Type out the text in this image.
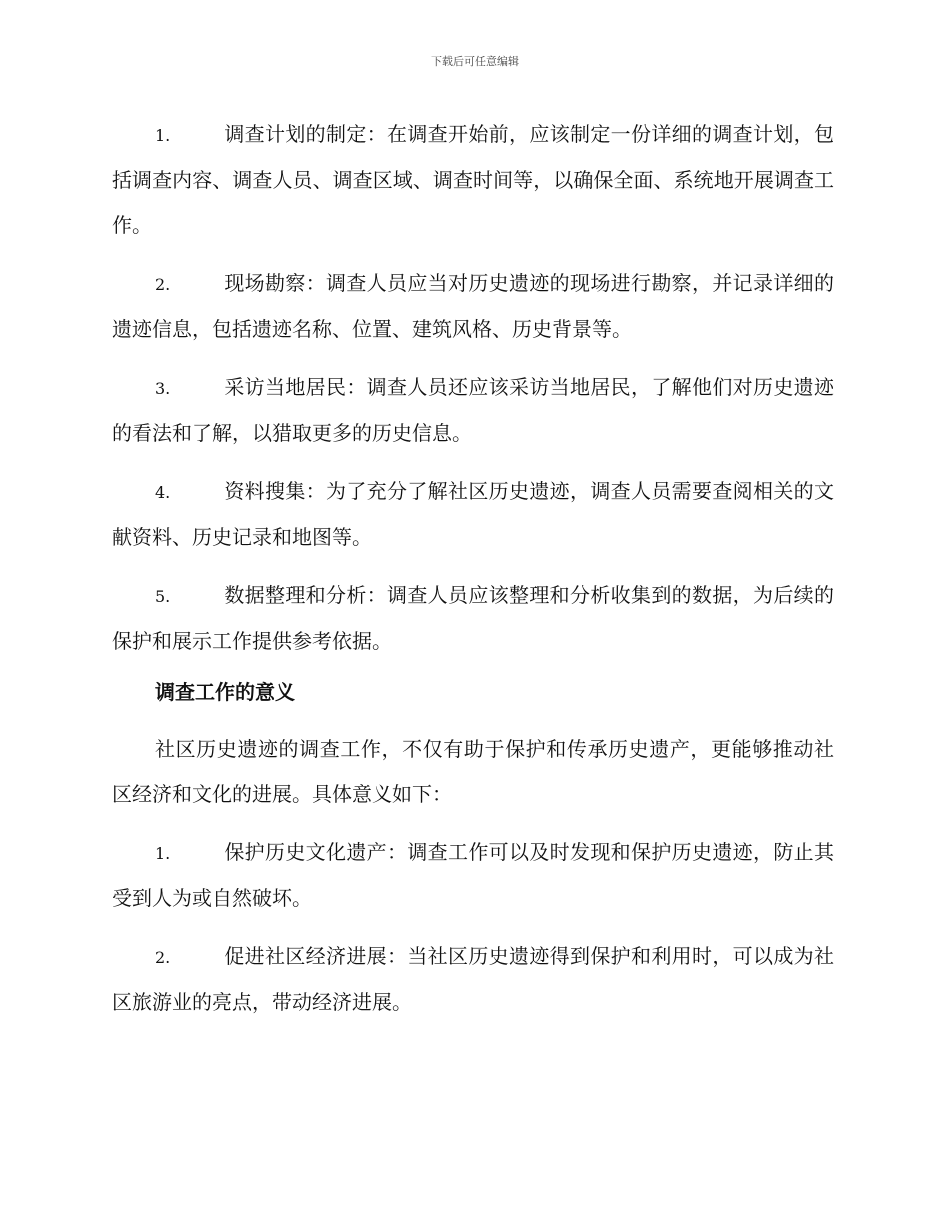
下载后可任意编辑

1.	调查计划的制定：在调查开始前，应该制定一份详细的调查计划，包括调查内容、调查人员、调查区域、调查时间等，以确保全面、系统地开展调查工作。

2.	现场勘察：调查人员应当对历史遗迹的现场进行勘察，并记录详细的遗迹信息，包括遗迹名称、位置、建筑风格、历史背景等。

3.	采访当地居民：调查人员还应该采访当地居民，了解他们对历史遗迹的看法和了解，以猎取更多的历史信息。

4.	资料搜集：为了充分了解社区历史遗迹，调查人员需要查阅相关的文献资料、历史记录和地图等。

5.	数据整理和分析：调查人员应该整理和分析收集到的数据，为后续的保护和展示工作提供参考依据。

调查工作的意义

社区历史遗迹的调查工作，不仅有助于保护和传承历史遗产，更能够推动社区经济和文化的进展。具体意义如下：

1.	保护历史文化遗产：调查工作可以及时发现和保护历史遗迹，防止其受到人为或自然破坏。

2.	促进社区经济进展：当社区历史遗迹得到保护和利用时，可以成为社区旅游业的亮点，带动经济进展。
